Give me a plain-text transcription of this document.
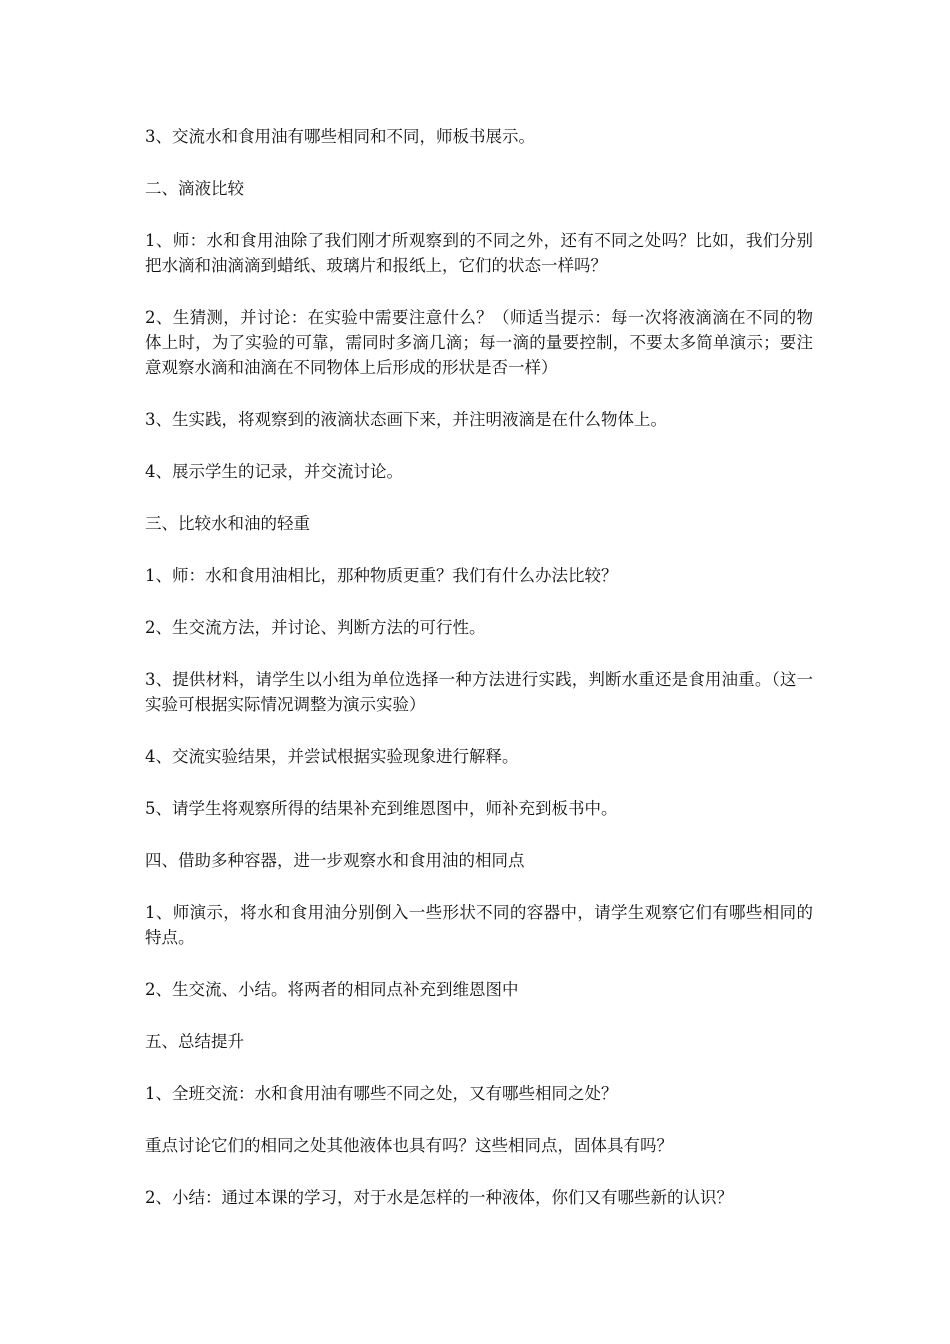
3、交流水和食用油有哪些相同和不同，师板书展示。

二、滴液比较

1、师：水和食用油除了我们刚才所观察到的不同之外，还有不同之处吗？比如，我们分别把水滴和油滴滴到蜡纸、玻璃片和报纸上，它们的状态一样吗？

2、生猜测，并讨论：在实验中需要注意什么？（师适当提示：每一次将液滴滴在不同的物体上时，为了实验的可靠，需同时多滴几滴；每一滴的量要控制，不要太多简单演示；要注意观察水滴和油滴在不同物体上后形成的形状是否一样）

3、生实践，将观察到的液滴状态画下来，并注明液滴是在什么物体上。

4、展示学生的记录，并交流讨论。

三、比较水和油的轻重

1、师：水和食用油相比，那种物质更重？我们有什么办法比较？

2、生交流方法，并讨论、判断方法的可行性。

3、提供材料，请学生以小组为单位选择一种方法进行实践，判断水重还是食用油重。（这一实验可根据实际情况调整为演示实验）

4、交流实验结果，并尝试根据实验现象进行解释。

5、请学生将观察所得的结果补充到维恩图中，师补充到板书中。

四、借助多种容器，进一步观察水和食用油的相同点

1、师演示，将水和食用油分别倒入一些形状不同的容器中，请学生观察它们有哪些相同的特点。

2、生交流、小结。将两者的相同点补充到维恩图中

五、总结提升

1、全班交流：水和食用油有哪些不同之处，又有哪些相同之处？

重点讨论它们的相同之处其他液体也具有吗？这些相同点，固体具有吗？

2、小结：通过本课的学习，对于水是怎样的一种液体，你们又有哪些新的认识？
